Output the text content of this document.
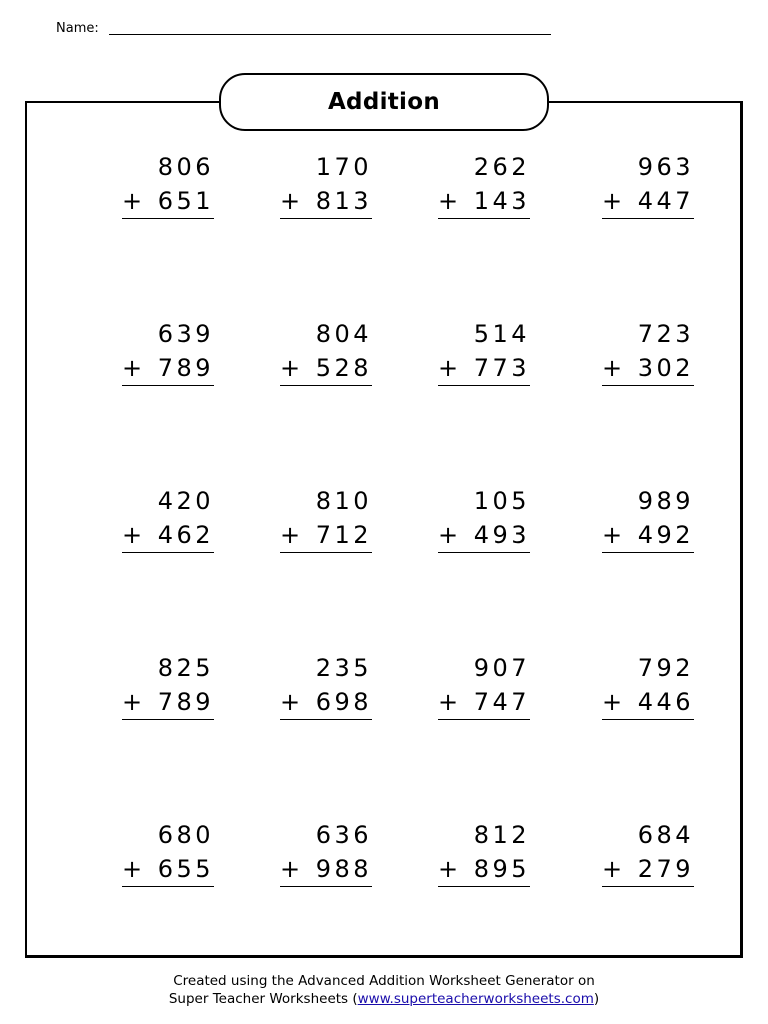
Name:
Addition
806
+ 651
170
+ 813
262
+ 143
963
+ 447
639
+ 789
804
+ 528
514
+ 773
723
+ 302
420
+ 462
810
+ 712
105
+ 493
989
+ 492
825
+ 789
235
+ 698
907
+ 747
792
+ 446
680
+ 655
636
+ 988
812
+ 895
684
+ 279
Created using the Advanced Addition Worksheet Generator on
Super Teacher Worksheets (www.superteacherworksheets.com)
